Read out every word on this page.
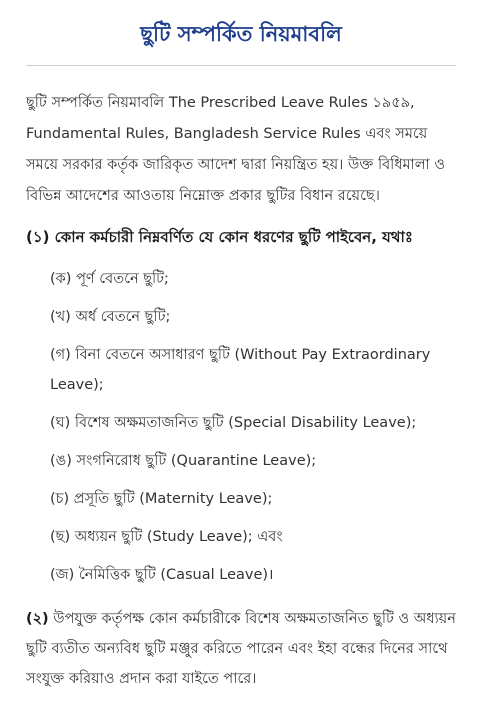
ছুটি সম্পর্কিত নিয়মাবলি

ছুটি সম্পর্কিত নিয়মাবলি The Prescribed Leave Rules ১৯৫৯, Fundamental Rules, Bangladesh Service Rules এবং সময়ে সময়ে সরকার কর্তৃক জারিকৃত আদেশ দ্বারা নিয়ন্ত্রিত হয়। উক্ত বিধিমালা ও বিভিন্ন আদেশের আওতায় নিম্নোক্ত প্রকার ছুটির বিধান রয়েছে।

(১) কোন কর্মচারী নিম্নবর্ণিত যে কোন ধরণের ছুটি পাইবেন, যথাঃ

(ক) পূর্ণ বেতনে ছুটি;
(খ) অর্ধ বেতনে ছুটি;
(গ) বিনা বেতনে অসাধারণ ছুটি (Without Pay Extraordinary Leave);
(ঘ) বিশেষ অক্ষমতাজনিত ছুটি (Special Disability Leave);
(ঙ) সংগনিরোধ ছুটি (Quarantine Leave);
(চ) প্রসূতি ছুটি (Maternity Leave);
(ছ) অধ্যয়ন ছুটি (Study Leave); এবং
(জ) নৈমিত্তিক ছুটি (Casual Leave)।

(২) উপযুক্ত কর্তৃপক্ষ কোন কর্মচারীকে বিশেষ অক্ষমতাজনিত ছুটি ও অধ্যয়ন ছুটি ব্যতীত অন্যবিধ ছুটি মঞ্জুর করিতে পারেন এবং ইহা বন্ধের দিনের সাথে সংযুক্ত করিয়াও প্রদান করা যাইতে পারে।
